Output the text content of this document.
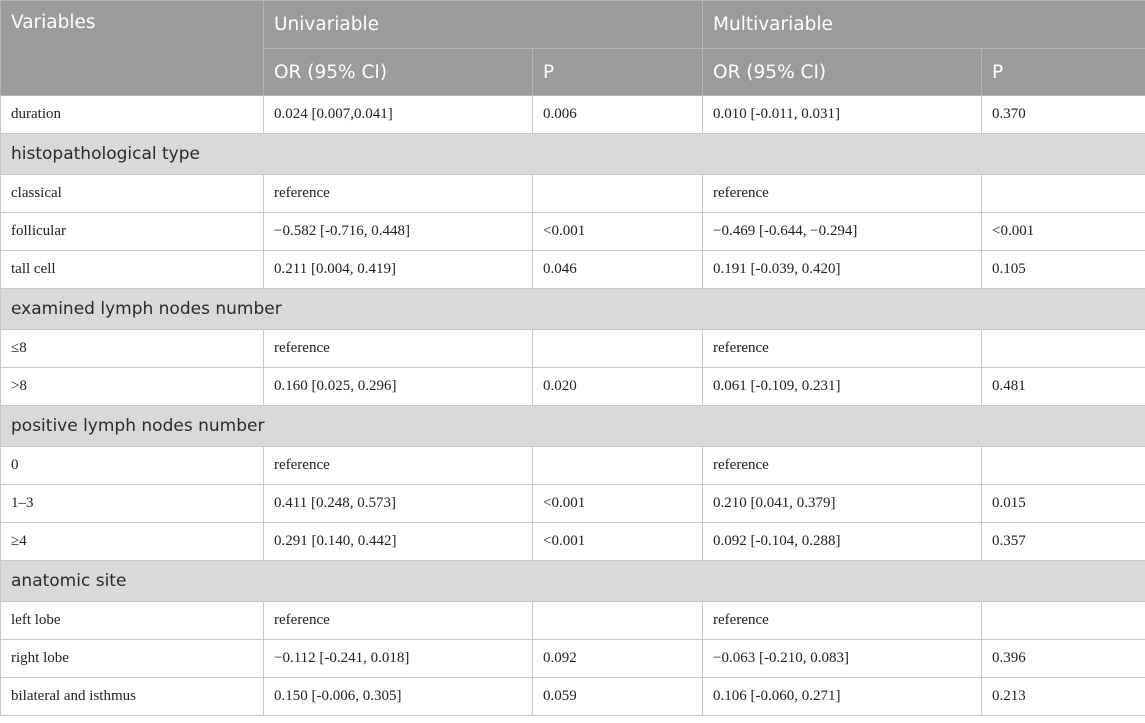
Variables	Univariable		Multivariable	
	OR (95% CI)	P	OR (95% CI)	P
duration	0.024 [0.007,0.041]	0.006	0.010 [-0.011, 0.031]	0.370
histopathological type				
classical	reference		reference	
follicular	−0.582 [-0.716, 0.448]	<0.001	−0.469 [-0.644, −0.294]	<0.001
tall cell	0.211 [0.004, 0.419]	0.046	0.191 [-0.039, 0.420]	0.105
examined lymph nodes number				
≤8	reference		reference	
>8	0.160 [0.025, 0.296]	0.020	0.061 [-0.109, 0.231]	0.481
positive lymph nodes number				
0	reference		reference	
1–3	0.411 [0.248, 0.573]	<0.001	0.210 [0.041, 0.379]	0.015
≥4	0.291 [0.140, 0.442]	<0.001	0.092 [-0.104, 0.288]	0.357
anatomic site				
left lobe	reference		reference	
right lobe	−0.112 [-0.241, 0.018]	0.092	−0.063 [-0.210, 0.083]	0.396
bilateral and isthmus	0.150 [-0.006, 0.305]	0.059	0.106 [-0.060, 0.271]	0.213
